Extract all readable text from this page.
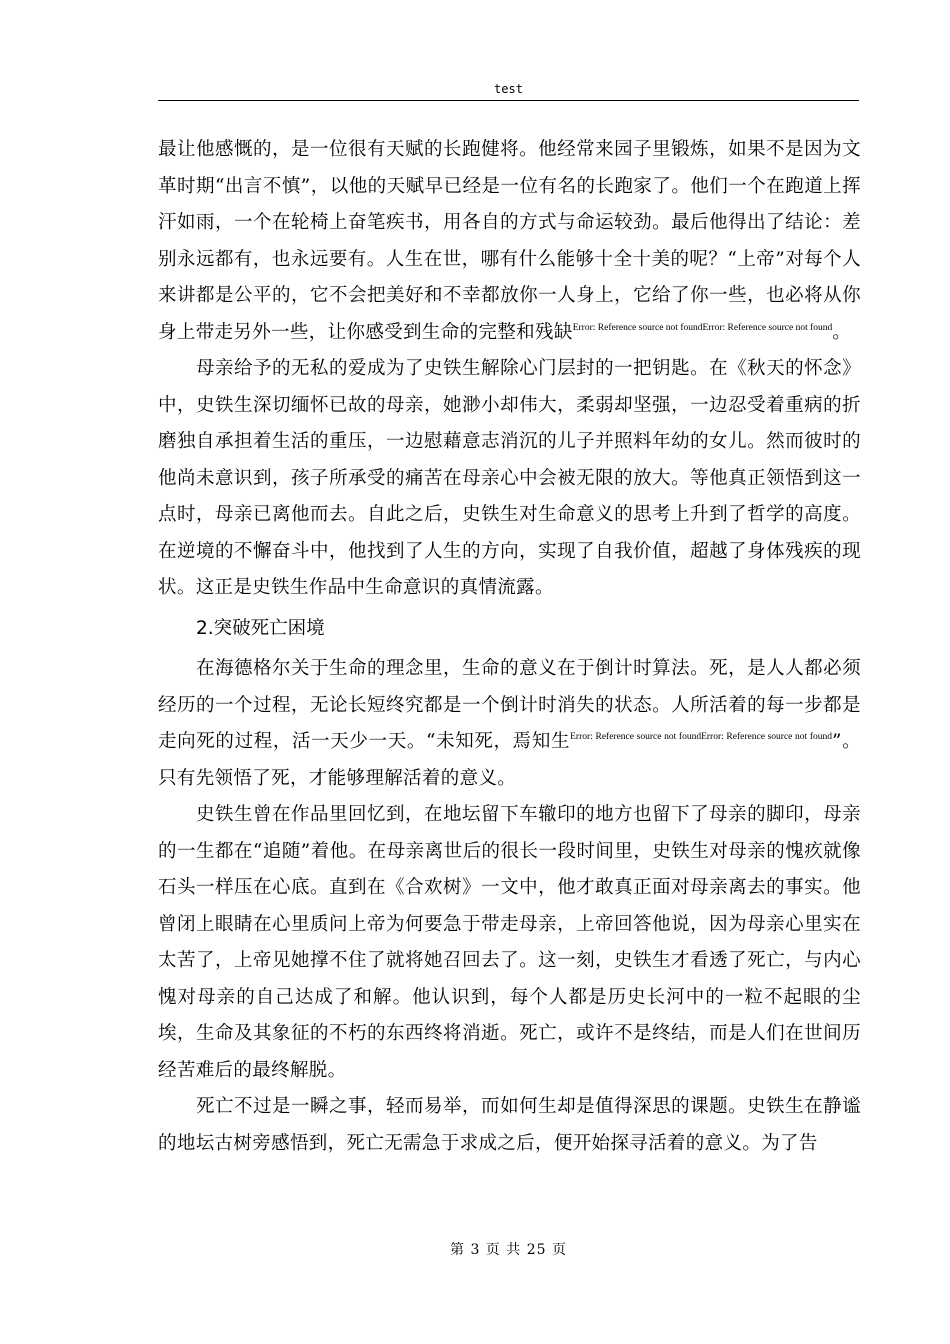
test

最让他感慨的，是一位很有天赋的长跑健将。他经常来园子里锻炼，如果不是因为文革时期“出言不慎”，以他的天赋早已经是一位有名的长跑家了。他们一个在跑道上挥汗如雨，一个在轮椅上奋笔疾书，用各自的方式与命运较劲。最后他得出了结论：差别永远都有，也永远要有。人生在世，哪有什么能够十全十美的呢？“上帝”对每个人来讲都是公平的，它不会把美好和不幸都放你一人身上，它给了你一些，也必将从你身上带走另外一些，让你感受到生命的完整和残缺$^{Error: Reference source not foundError: Reference source not found}$。

母亲给予的无私的爱成为了史铁生解除心门层封的一把钥匙。在《秋天的怀念》中，史铁生深切缅怀已故的母亲，她渺小却伟大，柔弱却坚强，一边忍受着重病的折磨独自承担着生活的重压，一边慰藉意志消沉的儿子并照料年幼的女儿。然而彼时的他尚未意识到，孩子所承受的痛苦在母亲心中会被无限的放大。等他真正领悟到这一点时，母亲已离他而去。自此之后，史铁生对生命意义的思考上升到了哲学的高度。在逆境的不懈奋斗中，他找到了人生的方向，实现了自我价值，超越了身体残疾的现状。这正是史铁生作品中生命意识的真情流露。

2.突破死亡困境

在海德格尔关于生命的理念里，生命的意义在于倒计时算法。死，是人人都必须经历的一个过程，无论长短终究都是一个倒计时消失的状态。人所活着的每一步都是走向死的过程，活一天少一天。“未知死，焉知生$^{Error: Reference source not foundError: Reference source not found}$”。只有先领悟了死，才能够理解活着的意义。

史铁生曾在作品里回忆到，在地坛留下车辙印的地方也留下了母亲的脚印，母亲的一生都在“追随”着他。在母亲离世后的很长一段时间里，史铁生对母亲的愧疚就像石头一样压在心底。直到在《合欢树》一文中，他才敢真正面对母亲离去的事实。他曾闭上眼睛在心里质问上帝为何要急于带走母亲，上帝回答他说，因为母亲心里实在太苦了，上帝见她撑不住了就将她召回去了。这一刻，史铁生才看透了死亡，与内心愧对母亲的自己达成了和解。他认识到，每个人都是历史长河中的一粒不起眼的尘埃，生命及其象征的不朽的东西终将消逝。死亡，或许不是终结，而是人们在世间历经苦难后的最终解脱。

死亡不过是一瞬之事，轻而易举，而如何生却是值得深思的课题。史铁生在静谧的地坛古树旁感悟到，死亡无需急于求成之后，便开始探寻活着的意义。为了告

第 3 页 共 25 页
